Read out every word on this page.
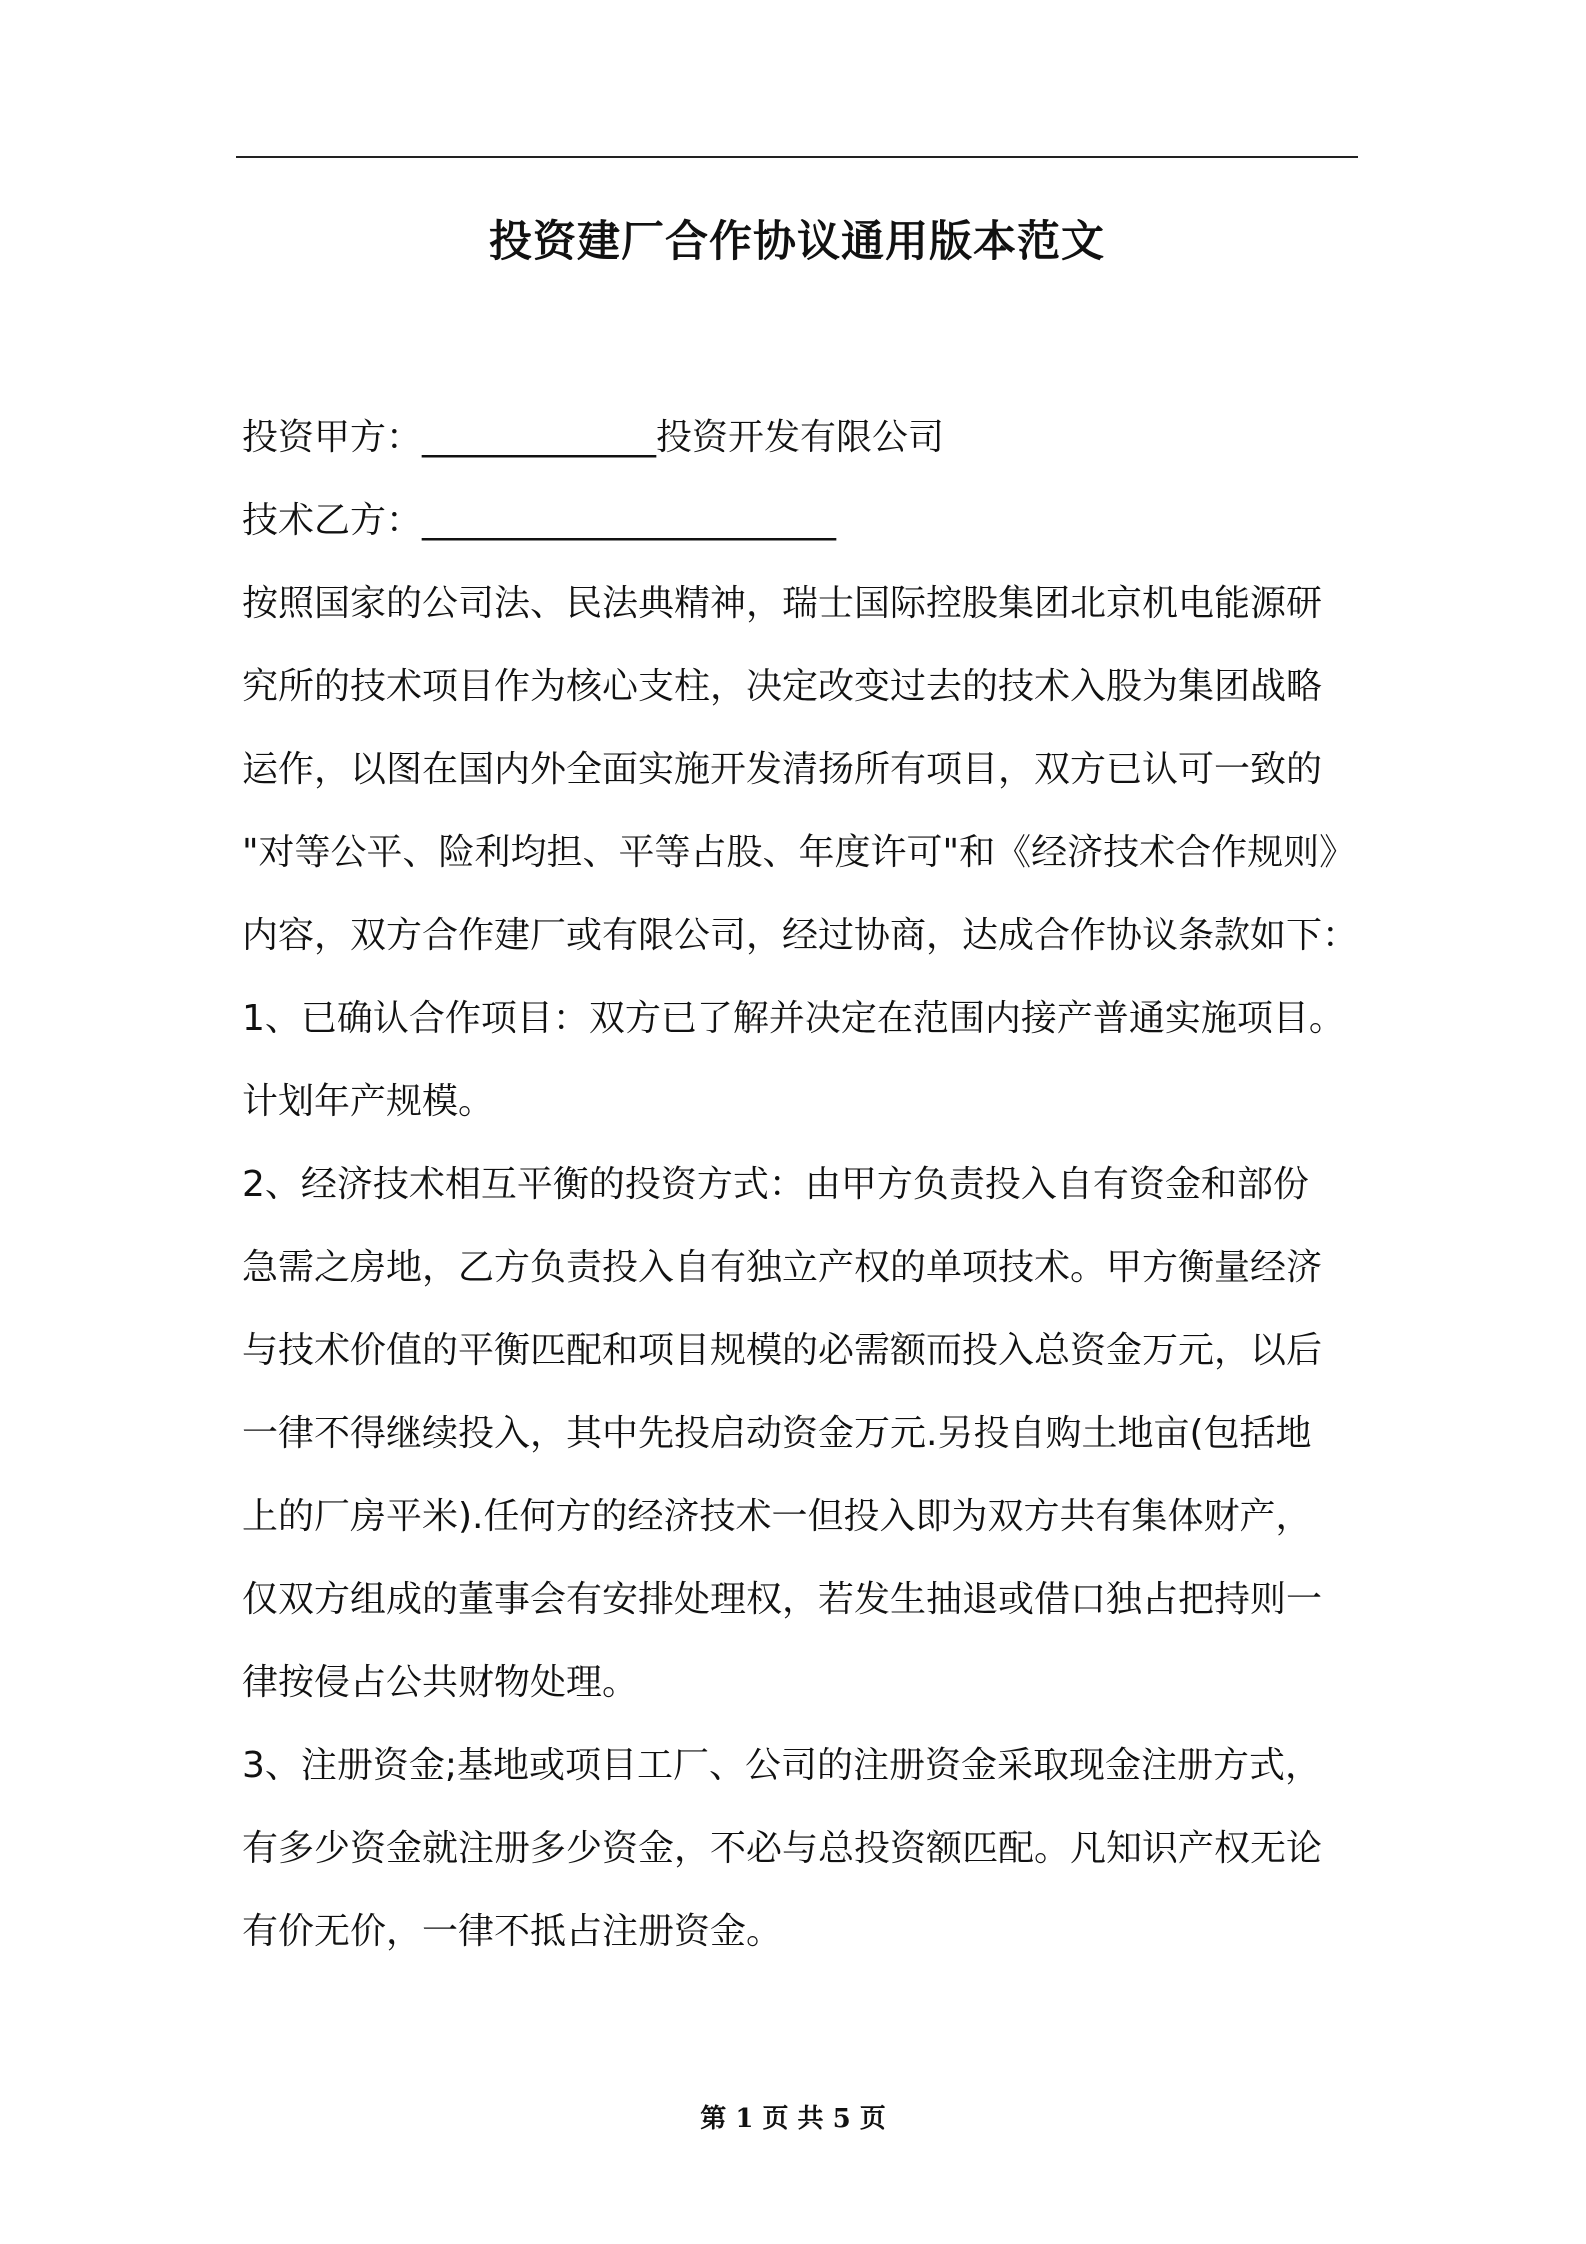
投资建厂合作协议通用版本范文
投资甲方：_____________投资开发有限公司
技术乙方：_______________________
按照国家的公司法、民法典精神，瑞士国际控股集团北京机电能源研
究所的技术项目作为核心支柱，决定改变过去的技术入股为集团战略
运作，以图在国内外全面实施开发清扬所有项目，双方已认可一致的
"对等公平、险利均担、平等占股、年度许可"和《经济技术合作规则》
内容，双方合作建厂或有限公司，经过协商，达成合作协议条款如下：
1、已确认合作项目：双方已了解并决定在范围内接产普通实施项目。
计划年产规模。
2、经济技术相互平衡的投资方式：由甲方负责投入自有资金和部份
急需之房地，乙方负责投入自有独立产权的单项技术。甲方衡量经济
与技术价值的平衡匹配和项目规模的必需额而投入总资金万元，以后
一律不得继续投入，其中先投启动资金万元.另投自购土地亩(包括地
上的厂房平米).任何方的经济技术一但投入即为双方共有集体财产，
仅双方组成的董事会有安排处理权，若发生抽退或借口独占把持则一
律按侵占公共财物处理。
3、注册资金;基地或项目工厂、公司的注册资金采取现金注册方式，
有多少资金就注册多少资金，不必与总投资额匹配。凡知识产权无论
有价无价，一律不抵占注册资金。
第 1 页 共 5 页
